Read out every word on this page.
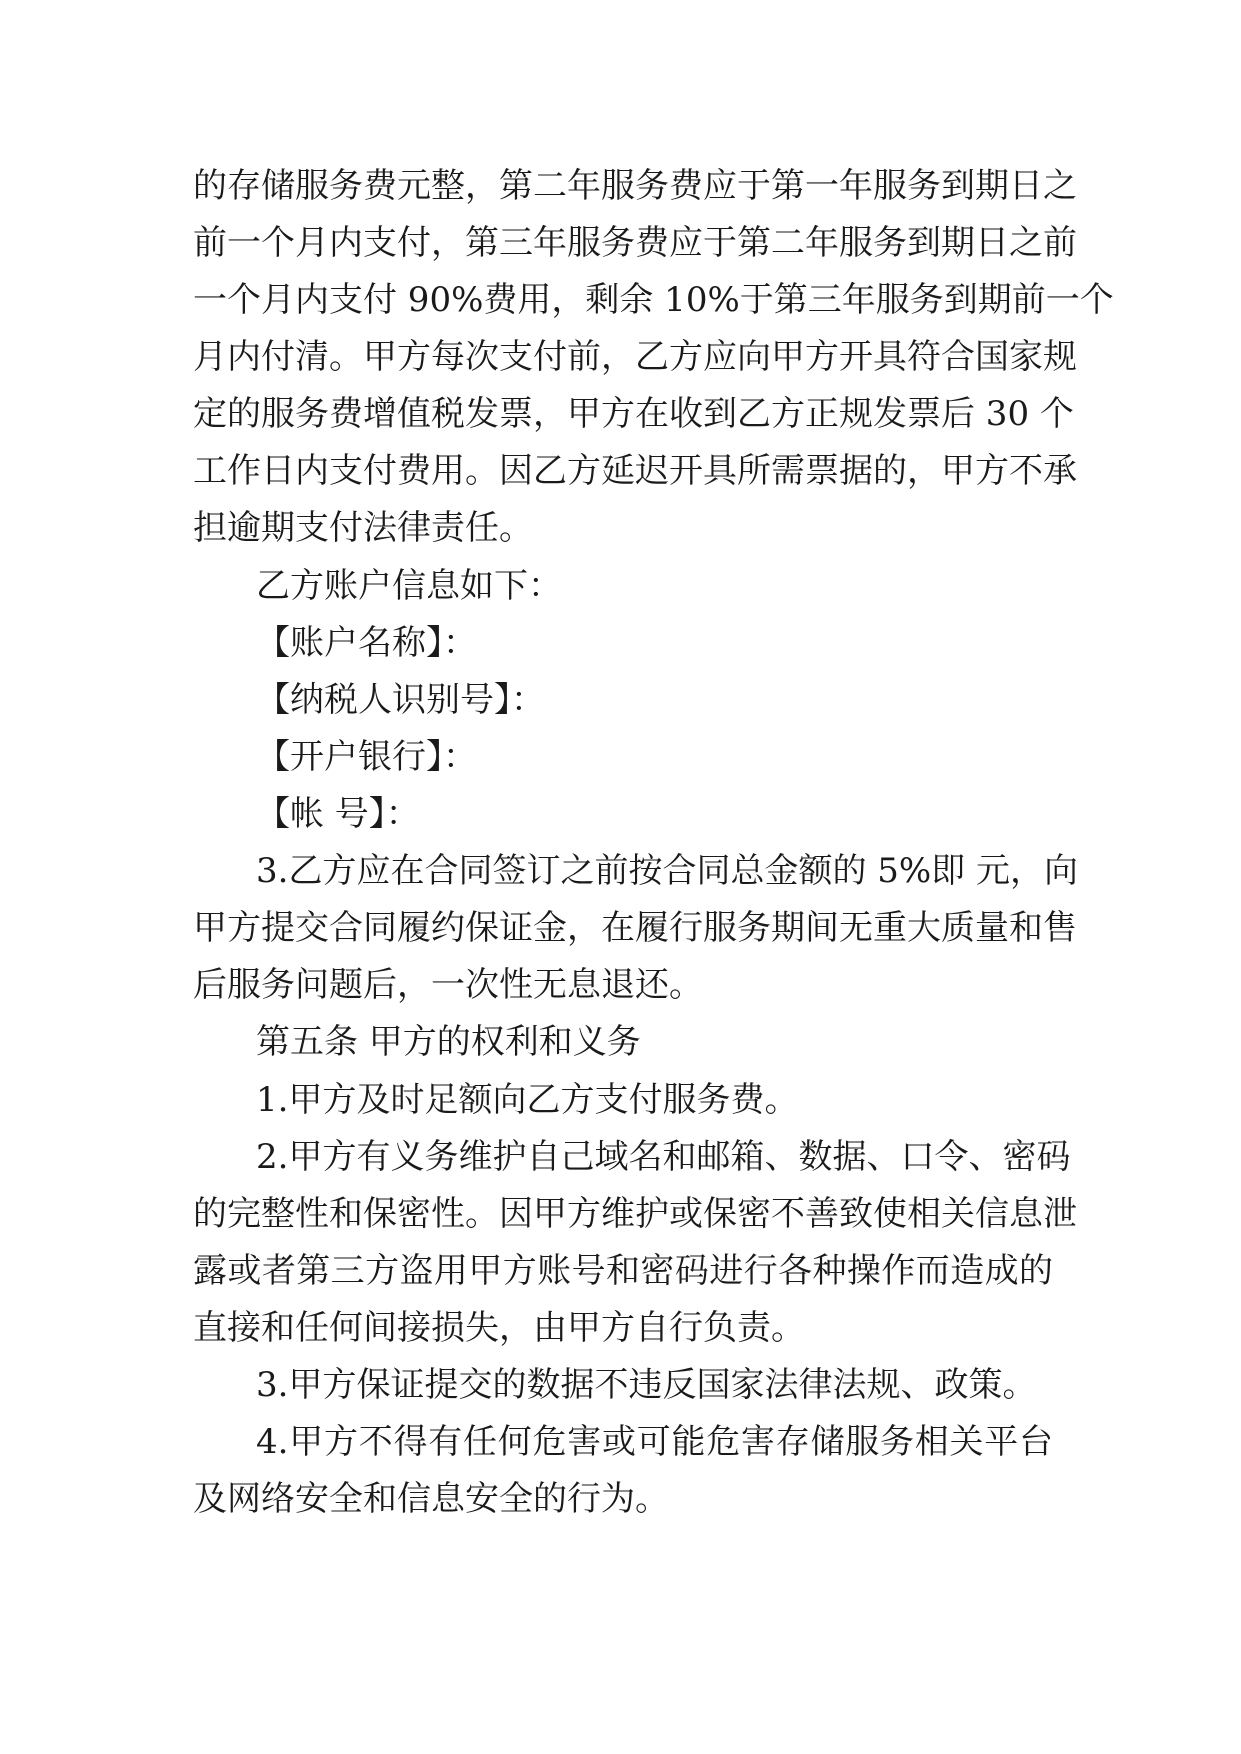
的存储服务费元整，第二年服务费应于第一年服务到期日之
前一个月内支付，第三年服务费应于第二年服务到期日之前
一个月内支付 90%费用，剩余 10%于第三年服务到期前一个
月内付清。甲方每次支付前，乙方应向甲方开具符合国家规
定的服务费增值税发票，甲方在收到乙方正规发票后 30 个
工作日内支付费用。因乙方延迟开具所需票据的，甲方不承
担逾期支付法律责任。
乙方账户信息如下：
【账户名称】：
【纳税人识别号】：
【开户银行】：
【帐 号】：
3.乙方应在合同签订之前按合同总金额的 5%即 元，向
甲方提交合同履约保证金，在履行服务期间无重大质量和售
后服务问题后，一次性无息退还。
第五条 甲方的权利和义务
1.甲方及时足额向乙方支付服务费。
2.甲方有义务维护自己域名和邮箱、数据、口令、密码
的完整性和保密性。因甲方维护或保密不善致使相关信息泄
露或者第三方盗用甲方账号和密码进行各种操作而造成的
直接和任何间接损失，由甲方自行负责。
3.甲方保证提交的数据不违反国家法律法规、政策。
4.甲方不得有任何危害或可能危害存储服务相关平台
及网络安全和信息安全的行为。
